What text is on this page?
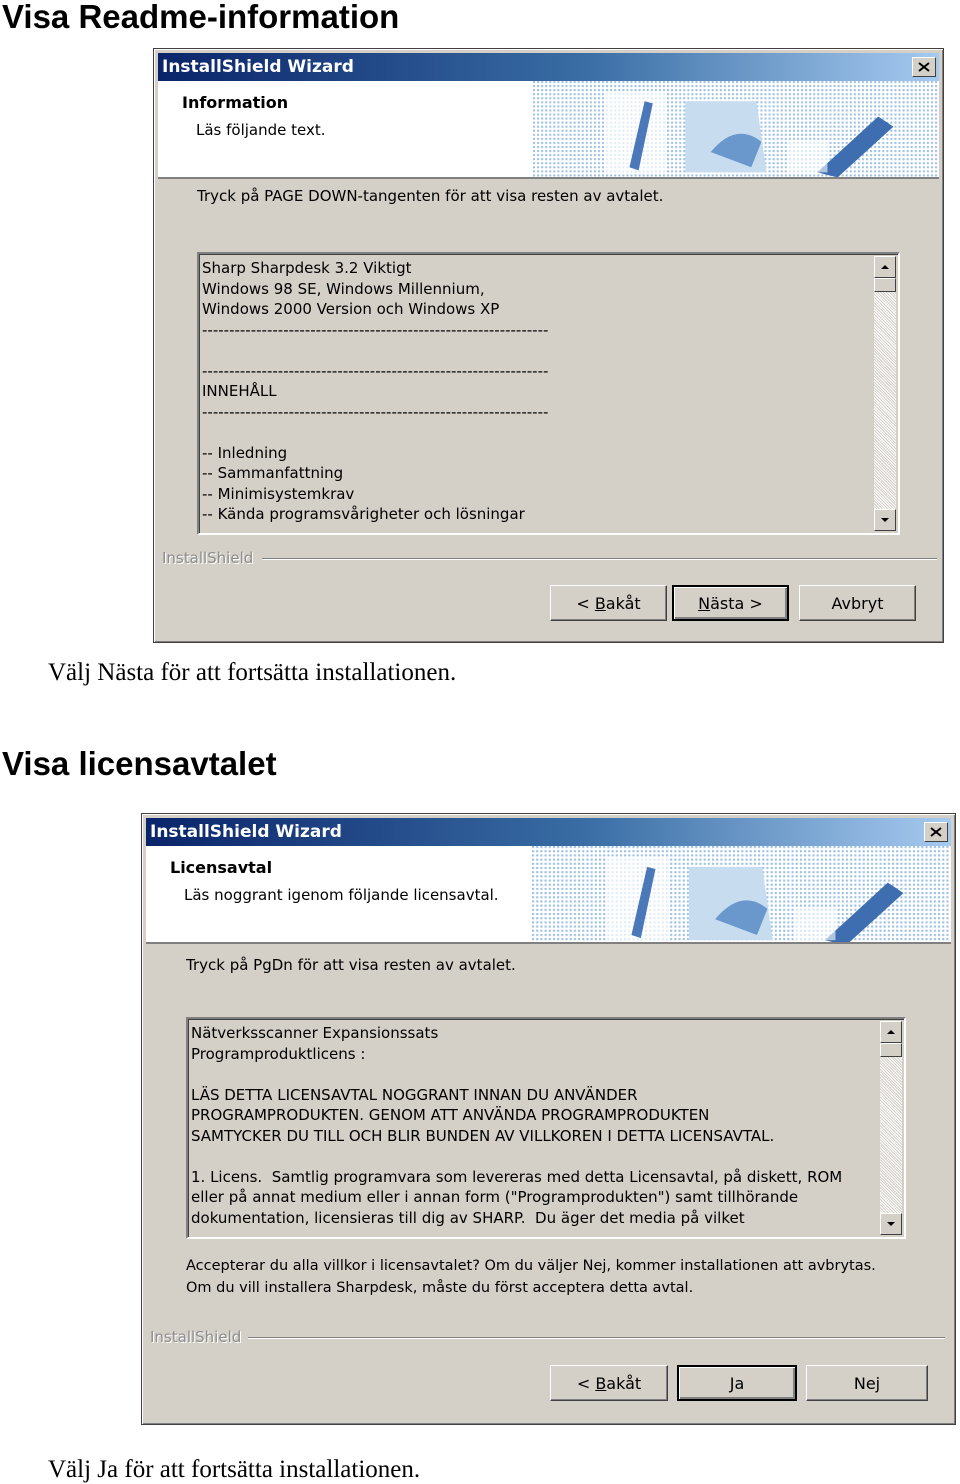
Visa Readme-information
InstallShield Wizard
Information
Läs följande text.
Tryck på PAGE DOWN-tangenten för att visa resten av avtalet.
Sharp Sharpdesk 3.2 Viktigt
Windows 98 SE, Windows Millennium,
Windows 2000 Version och Windows XP
----------------------------------------------------------------

----------------------------------------------------------------
INNEHÅLL
----------------------------------------------------------------

-- Inledning
-- Sammanfattning
-- Minimisystemkrav
-- Kända programsvårigheter och lösningar
InstallShield
< B akåt	N ästa >	Avbryt
Välj Nästa för att fortsätta installationen.
Visa licensavtalet
InstallShield Wizard
Licensavtal
Läs noggrant igenom följande licensavtal.
Tryck på PgDn för att visa resten av avtalet.
Nätverksscanner Expansionssats
Programproduktlicens :

LÄS DETTA LICENSAVTAL NOGGRANT INNAN DU ANVÄNDER
PROGRAMPRODUKTEN. GENOM ATT ANVÄNDA PROGRAMPRODUKTEN
SAMTYCKER DU TILL OCH BLIR BUNDEN AV VILLKOREN I DETTA LICENSAVTAL.

1. Licens.  Samtlig programvara som levereras med detta Licensavtal, på diskett, ROM
eller på annat medium eller i annan form ("Programprodukten") samt tillhörande
dokumentation, licensieras till dig av SHARP.  Du äger det media på vilket
Accepterar du alla villkor i licensavtalet? Om du väljer Nej, kommer installationen att avbrytas.
Om du vill installera Sharpdesk, måste du först acceptera detta avtal.
InstallShield
< B akåt	Ja	Nej
Välj Ja för att fortsätta installationen.
